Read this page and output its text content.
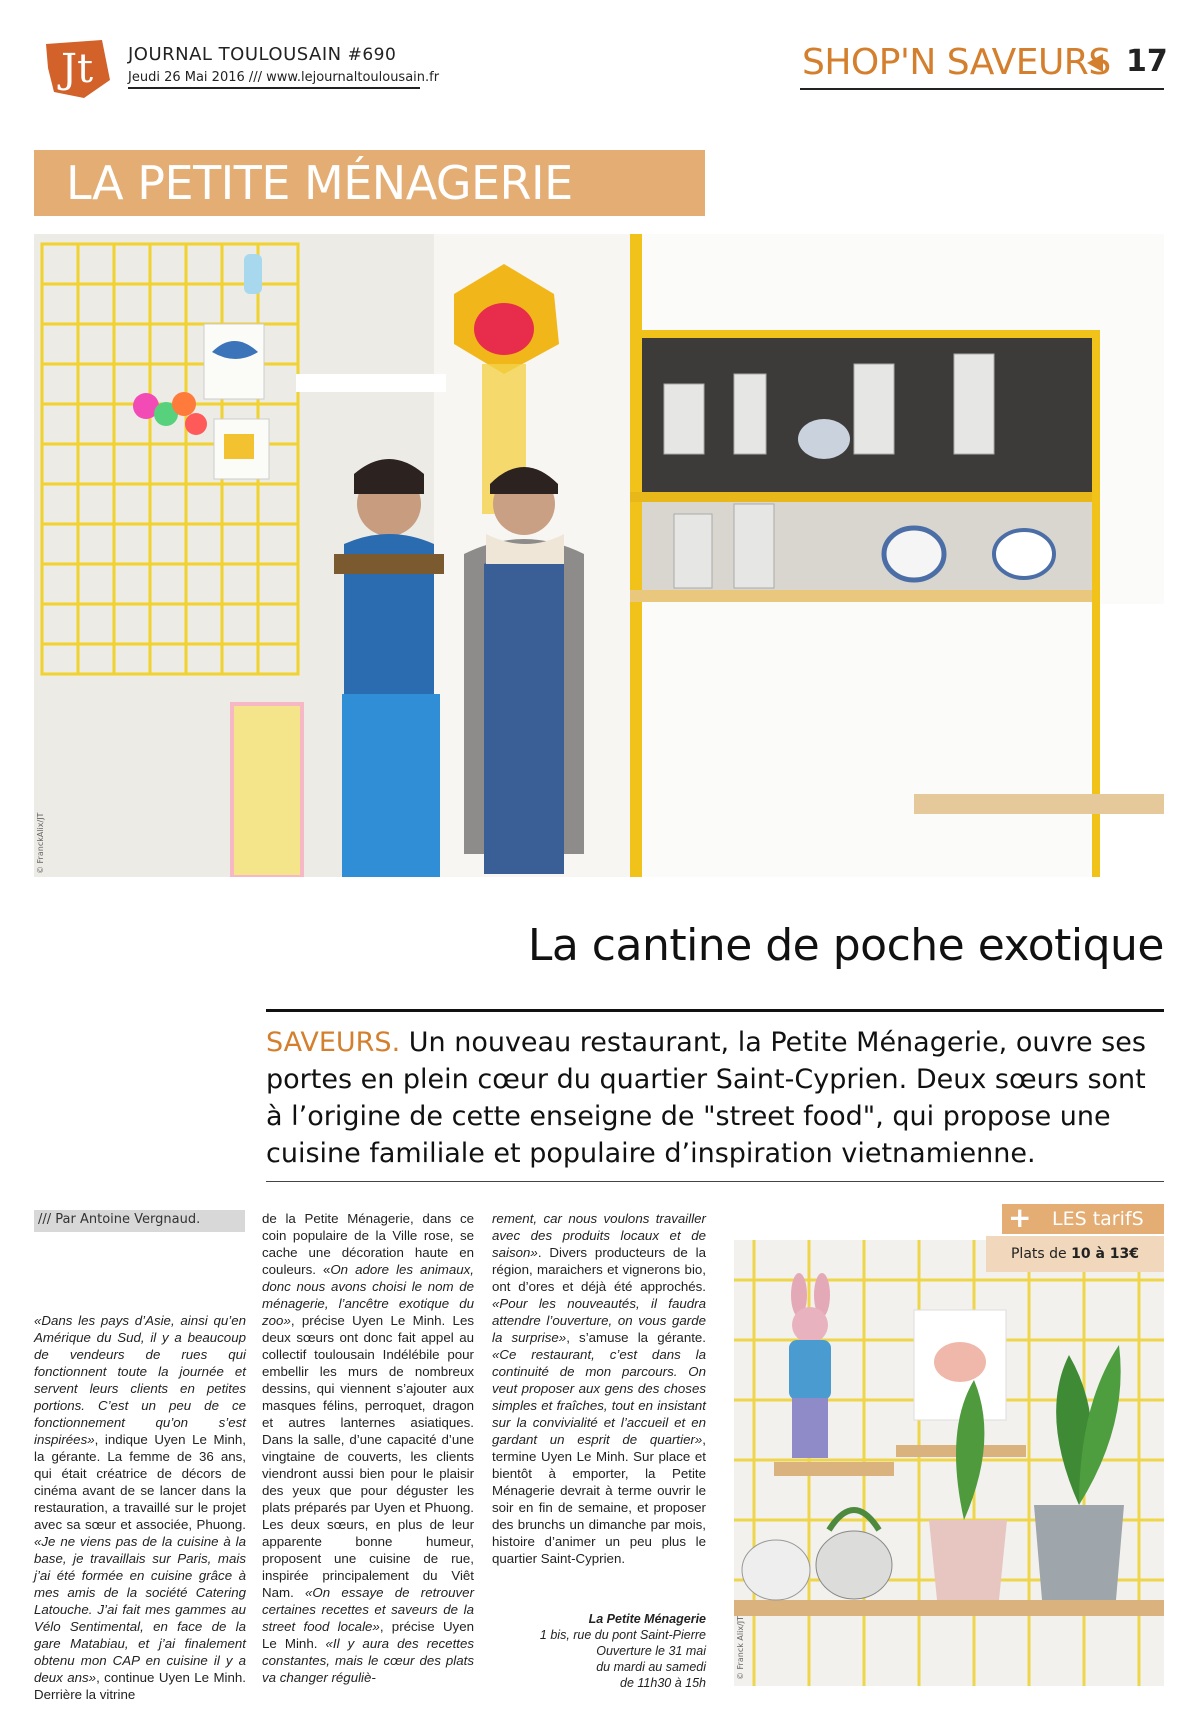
Jt JOURNAL TOULOUSAIN #690
Jeudi 26 Mai 2016 /// www.lejournaltoulousain.fr	SHOP'N SAVEURS 17
LA PETITE MÉNAGERIE
© FranckAlix/JT
La cantine de poche exotique
SAVEURS. Un nouveau restaurant, la Petite Ménagerie, ouvre ses portes en plein cœur du quartier Saint-Cyprien. Deux sœurs sont à l’origine de cette enseigne de "street food", qui propose une cuisine familiale et populaire d’inspiration vietnamienne.
/// Par Antoine Vergnaud.
«Dans les pays d’Asie, ainsi qu’en Amérique du Sud, il y a beaucoup de vendeurs de rues qui fonctionnent toute la journée et servent leurs clients en petites portions. C’est un peu de ce fonctionnement qu’on s’est inspirées», indique Uyen Le Minh, la gérante. La femme de 36 ans, qui était créatrice de décors de cinéma avant de se lancer dans la restauration, a travaillé sur le projet avec sa sœur et associée, Phuong. «Je ne viens pas de la cuisine à la base, je travaillais sur Paris, mais j’ai été formée en cuisine grâce à mes amis de la société Catering Latouche. J’ai fait mes gammes au Vélo Sentimental, en face de la gare Matabiau, et j’ai finalement obtenu mon CAP en cuisine il y a deux ans», continue Uyen Le Minh. Derrière la vitrine
de la Petite Ménagerie, dans ce coin populaire de la Ville rose, se cache une décoration haute en couleurs. «On adore les animaux, donc nous avons choisi le nom de ménagerie, l’ancêtre exotique du zoo», précise Uyen Le Minh. Les deux sœurs ont donc fait appel au collectif toulousain Indélébile pour embellir les murs de nombreux dessins, qui viennent s’ajouter aux masques félins, perroquet, dragon et autres lanternes asiatiques. Dans la salle, d’une capacité d’une vingtaine de couverts, les clients viendront aussi bien pour le plaisir des yeux que pour déguster les plats préparés par Uyen et Phuong. Les deux sœurs, en plus de leur apparente bonne humeur, proposent une cuisine de rue, inspirée principalement du Viêt Nam. «On essaye de retrouver certaines recettes et saveurs de la street food locale», précise Uyen Le Minh. «Il y aura des recettes constantes, mais le cœur des plats va changer réguliè-
rement, car nous voulons travailler avec des produits locaux et de saison». Divers producteurs de la région, maraichers et vignerons bio, ont d’ores et déjà été approchés. «Pour les nouveautés, il faudra attendre l’ouverture, on vous garde la surprise», s’amuse la gérante. «Ce restaurant, c’est dans la continuité de mon parcours. On veut proposer aux gens des choses simples et fraîches, tout en insistant sur la convivialité et l’accueil et en gardant un esprit de quartier», termine Uyen Le Minh. Sur place et bientôt à emporter, la Petite Ménagerie devrait à terme ouvrir le soir en fin de semaine, et proposer des brunchs un dimanche par mois, histoire d’animer un peu plus le quartier Saint-Cyprien.
La Petite Ménagerie
1 bis, rue du pont Saint-Pierre
Ouverture le 31 mai
du mardi au samedi
de 11h30 à 15h
© Franck Alix/JT
+ LES tarifS
Plats de 10 à 13€
